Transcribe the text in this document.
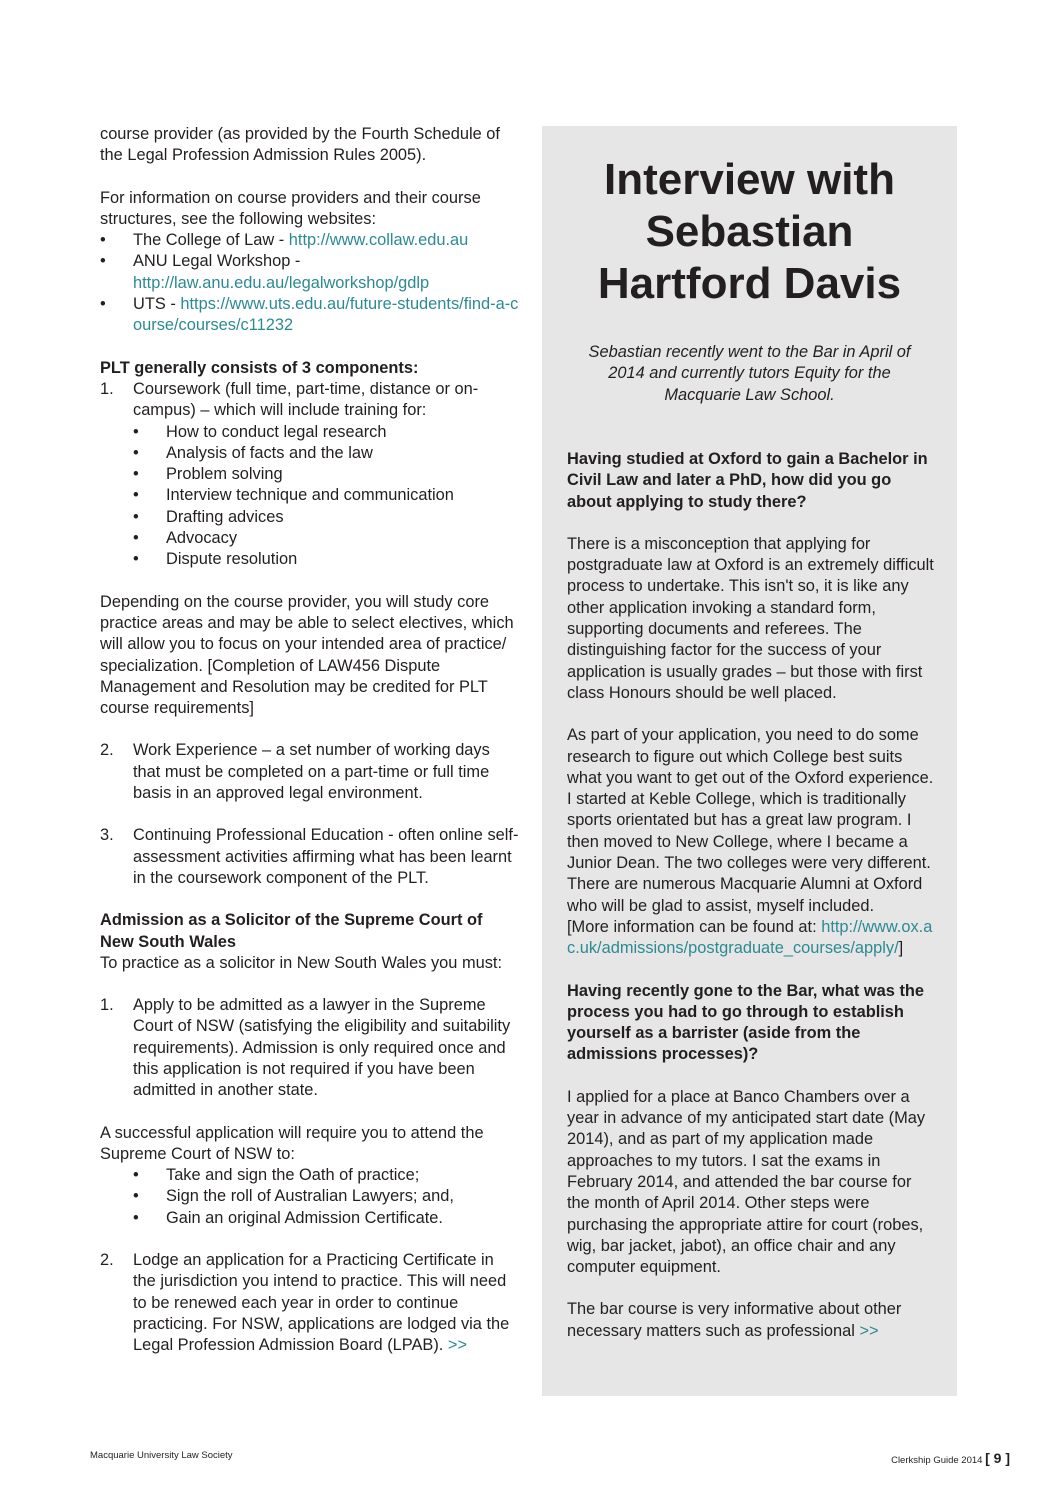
course provider (as provided by the Fourth Schedule of the Legal Profession Admission Rules 2005).

For information on course providers and their course structures, see the following websites:

• The College of Law - http://www.collaw.edu.au
• ANU Legal Workshop - http://law.anu.edu.au/legalworkshop/gdlp
• UTS - https://www.uts.edu.au/future-students/find-a-course/courses/c11232

PLT generally consists of 3 components:

1. Coursework (full time, part-time, distance or on-campus) – which will include training for:
• How to conduct legal research
• Analysis of facts and the law
• Problem solving
• Interview technique and communication
• Drafting advices
• Advocacy
• Dispute resolution

Depending on the course provider, you will study core practice areas and may be able to select electives, which will allow you to focus on your intended area of practice/ specialization. [Completion of LAW456 Dispute Management and Resolution may be credited for PLT course requirements]

2. Work Experience – a set number of working days that must be completed on a part-time or full time basis in an approved legal environment.
3. Continuing Professional Education - often online self-assessment activities affirming what has been learnt in the coursework component of the PLT.

Admission as a Solicitor of the Supreme Court of New South Wales

To practice as a solicitor in New South Wales you must:

1. Apply to be admitted as a lawyer in the Supreme Court of NSW (satisfying the eligibility and suitability requirements). Admission is only required once and this application is not required if you have been admitted in another state.

A successful application will require you to attend the Supreme Court of NSW to:

• Take and sign the Oath of practice;
• Sign the roll of Australian Lawyers; and,
• Gain an original Admission Certificate.
2. Lodge an application for a Practicing Certificate in the jurisdiction you intend to practice. This will need to be renewed each year in order to continue practicing. For NSW, applications are lodged via the Legal Profession Admission Board (LPAB). >>
Interview with
Sebastian
Hartford Davis

Sebastian recently went to the Bar in April of 2014 and currently tutors Equity for the Macquarie Law School.

Having studied at Oxford to gain a Bachelor in Civil Law and later a PhD, how did you go about applying to study there?

There is a misconception that applying for postgraduate law at Oxford is an extremely difficult process to undertake. This isn't so, it is like any other application invoking a standard form, supporting documents and referees. The distinguishing factor for the success of your application is usually grades – but those with first class Honours should be well placed.

As part of your application, you need to do some research to figure out which College best suits what you want to get out of the Oxford experience. I started at Keble College, which is traditionally sports orientated but has a great law program. I then moved to New College, where I became a Junior Dean. The two colleges were very different. There are numerous Macquarie Alumni at Oxford who will be glad to assist, myself included.

[More information can be found at: http://www.ox.ac.uk/admissions/postgraduate_courses/apply/]

Having recently gone to the Bar, what was the process you had to go through to establish yourself as a barrister (aside from the admissions processes)?

I applied for a place at Banco Chambers over a year in advance of my anticipated start date (May 2014), and as part of my application made approaches to my tutors. I sat the exams in February 2014, and attended the bar course for the month of April 2014. Other steps were purchasing the appropriate attire for court (robes, wig, bar jacket, jabot), an office chair and any computer equipment.

The bar course is very informative about other necessary matters such as professional >>

Macquarie University Law Society	Clerkship Guide 2014 [ 9 ]
